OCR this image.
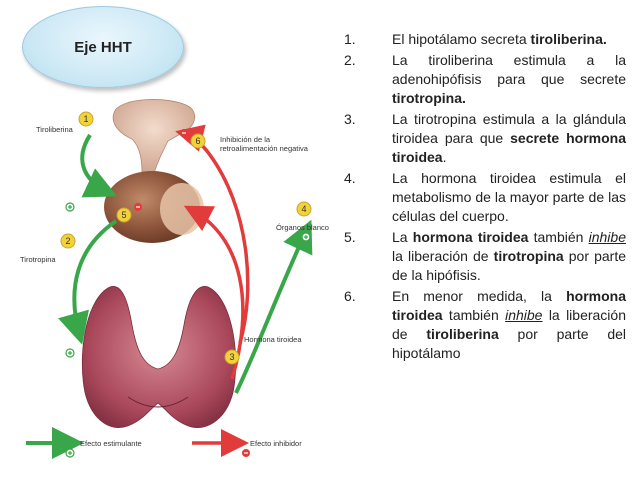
Eje HHT
1
2
3
4
5
6
Tiroliberina
Inhibición de la retroalimentación negativa
Órganos blanco
Tirotropina
Hormona tiroidea
Efecto estimulante	Efecto inhibidor
1.	El hipotálamo secreta tiroliberina.
2.	La tiroliberina estimula a la adenohipófisis para que secrete tirotropina.
3.	La tirotropina estimula a la glándula tiroidea para que secrete hormona tiroidea.
4.	La hormona tiroidea estimula el metabolismo de la mayor parte de las células del cuerpo.
5.	La hormona tiroidea también inhibe la liberación de tirotropina por parte de la hipófisis.
6.	En menor medida, la hormona tiroidea también inhibe la liberación de tiroliberina por parte del hipotálamo
